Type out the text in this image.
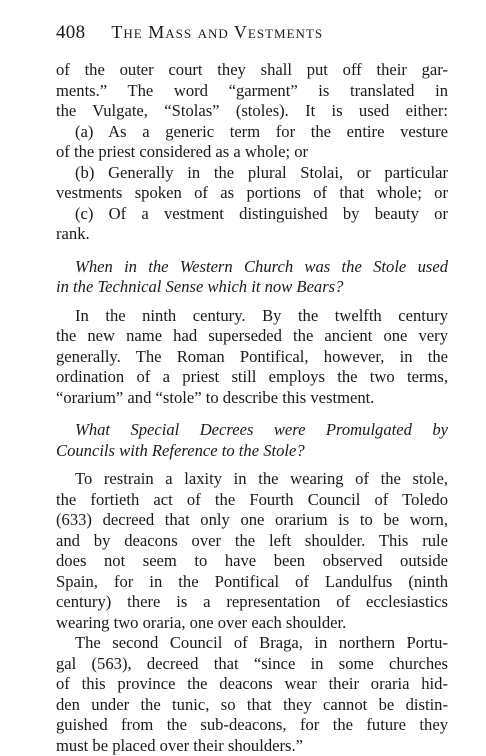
408 The Mass and Vestments
of the outer court they shall put off their gar-
ments.” The word “garment” is translated in
the Vulgate, “Stolas” (stoles). It is used either:
(a) As a generic term for the entire vesture
of the priest considered as a whole; or
(b) Generally in the plural Stolai, or particular
vestments spoken of as portions of that whole; or
(c) Of a vestment distinguished by beauty or
rank.
When in the Western Church was the Stole used
in the Technical Sense which it now Bears?
In the ninth century. By the twelfth century
the new name had superseded the ancient one very
generally. The Roman Pontifical, however, in the
ordination of a priest still employs the two terms,
“orarium” and “stole” to describe this vestment.
What Special Decrees were Promulgated by
Councils with Reference to the Stole?
To restrain a laxity in the wearing of the stole,
the fortieth act of the Fourth Council of Toledo
(633) decreed that only one orarium is to be worn,
and by deacons over the left shoulder. This rule
does not seem to have been observed outside
Spain, for in the Pontifical of Landulfus (ninth
century) there is a representation of ecclesiastics
wearing two oraria, one over each shoulder.
The second Council of Braga, in northern Portu-
gal (563), decreed that “since in some churches
of this province the deacons wear their oraria hid-
den under the tunic, so that they cannot be distin-
guished from the sub-deacons, for the future they
must be placed over their shoulders.”
